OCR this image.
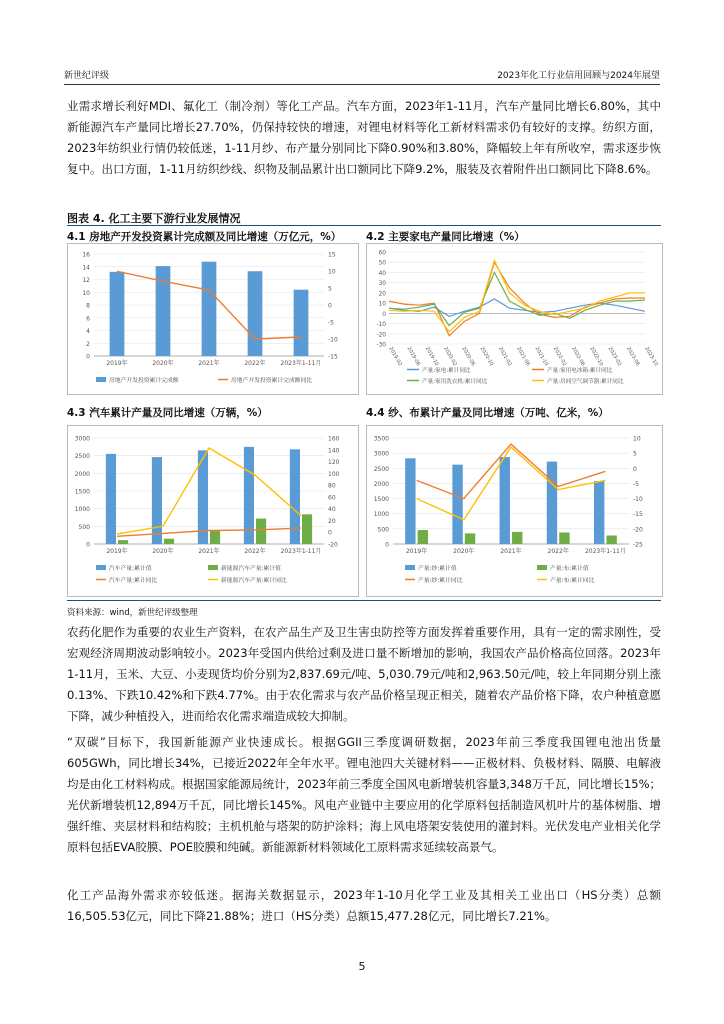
新世纪评级	2023年化工行业信用回顾与2024年展望
业需求增长利好MDI、氟化工（制冷剂）等化工产品。汽车方面，2023年1-11月，汽车产量同比增长6.80%，其中新能源汽车产量同比增长27.70%，仍保持较快的增速，对锂电材料等化工新材料需求仍有较好的支撑。纺织方面，2023年纺织业行情仍较低迷，1-11月纱、布产量分别同比下降0.90%和3.80%，降幅较上年有所收窄，需求逐步恢复中。出口方面，1-11月纺织纱线、织物及制品累计出口额同比下降9.2%，服装及衣着附件出口额同比下降8.6%。
图表 4. 化工主要下游行业发展情况
4.1 房地产开发投资累计完成额及同比增速（万亿元，%）
0
2
4
6
8
10
12
14
16
-15
-10
-5
0
5
10
15
2019年	2020年	2021年	2022年 2023年1-11月
房地产开发投资累计完成额	房地产开发投资累计完成额同比
4.2 主要家电产量同比增速（%）
-30
-20
-10
0
10
20
30
40
50
60
2019-02 2019-06 2019-10 2020-02 2020-06 2020-10 2021-02 2021-06 2021-10 2022-02 2022-06 2022-10 2023-02 2023-06 2023-10
产量:家电:累计同比	产量:家用电冰箱:累计同比
产量:家用洗衣机:累计同比	产量:房间空气调节器:累计同比
4.3 汽车累计产量及同比增速（万辆，%）
0
500
1000
1500
2000
2500
3000
-20
0
20
40
60
80
100
120
140
160
2019年	2020年	2021年	2022年 2023年1-11月
汽车产量:累计值	新能源汽车产量:累计值
汽车产量:累计同比	新能源汽车产量:累计同比
4.4 纱、布累计产量及同比增速（万吨、亿米，%）
0
500
1000
1500
2000
2500
3000
3500
-25
-20
-15
-10
-5
0
5
10
2019年	2020年	2021年	2022年	2023年1-11月
产量:纱:累计值	产量:布:累计值
产量:纱:累计同比	产量:布:累计同比
资料来源：wind，新世纪评级整理
农药化肥作为重要的农业生产资料，在农产品生产及卫生害虫防控等方面发挥着重要作用，具有一定的需求刚性，受宏观经济周期波动影响较小。2023年受国内供给过剩及进口量不断增加的影响，我国农产品价格高位回落。2023年1-11月，玉米、大豆、小麦现货均价分别为2,837.69元/吨、5,030.79元/吨和2,963.50元/吨，较上年同期分别上涨0.13%、下跌10.42%和下跌4.77%。由于农化需求与农产品价格呈现正相关，随着农产品价格下降，农户种植意愿下降，减少种植投入，进而给农化需求端造成较大抑制。
“双碳”目标下，我国新能源产业快速成长。根据GGII三季度调研数据，2023年前三季度我国锂电池出货量605GWh，同比增长34%，已接近2022年全年水平。锂电池四大关键材料——正极材料、负极材料、隔膜、电解液均是由化工材料构成。根据国家能源局统计，2023年前三季度全国风电新增装机容量3,348万千瓦，同比增长15%；光伏新增装机12,894万千瓦，同比增长145%。风电产业链中主要应用的化学原料包括制造风机叶片的基体树脂、增强纤维、夹层材料和结构胶；主机机舱与塔架的防护涂料；海上风电塔架安装使用的灌封料。光伏发电产业相关化学原料包括EVA胶膜、POE胶膜和纯碱。新能源新材料领域化工原料需求延续较高景气。
化工产品海外需求亦较低迷。据海关数据显示，2023年1-10月化学工业及其相关工业出口（HS分类）总额16,505.53亿元，同比下降21.88%；进口（HS分类）总额15,477.28亿元，同比增长7.21%。
5
